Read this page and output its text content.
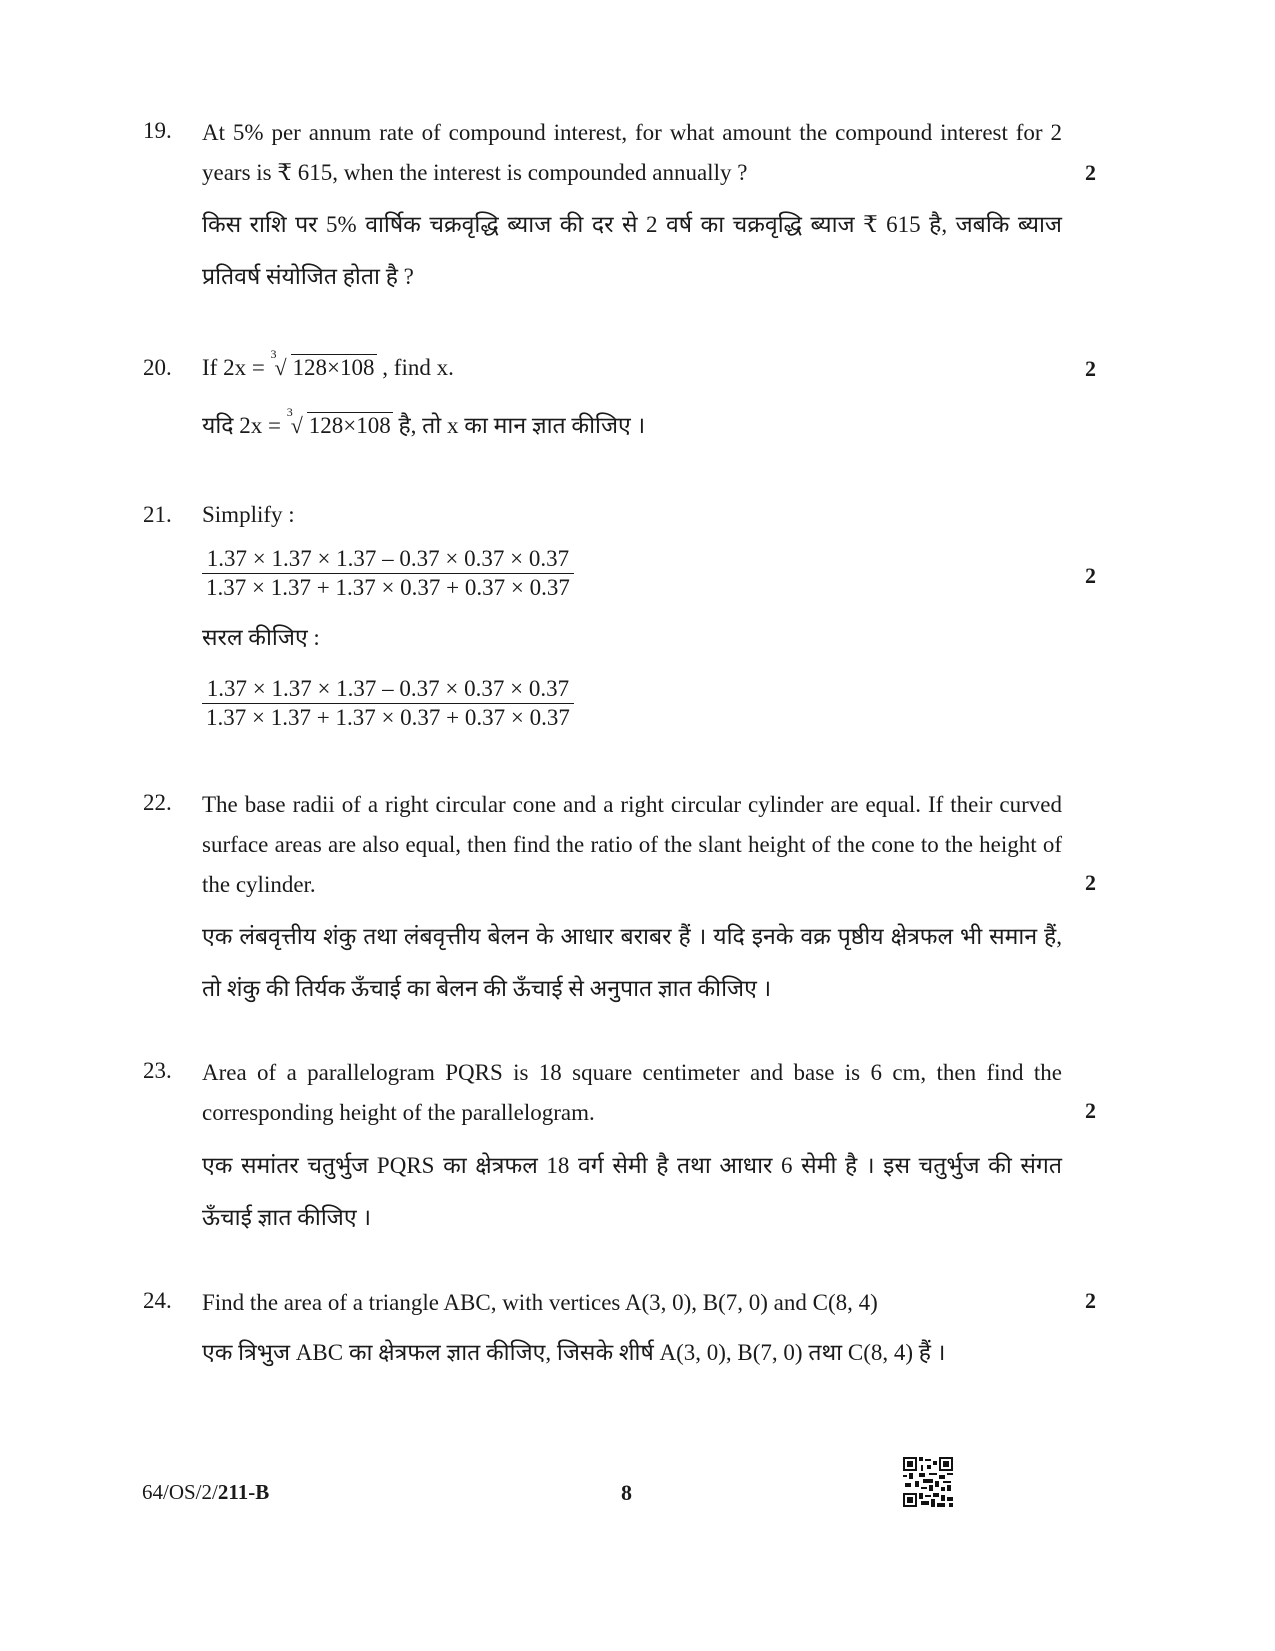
19. At 5% per annum rate of compound interest, for what amount the compound interest for 2 years is ₹ 615, when the interest is compounded annually ?	2
किस राशि पर 5% वार्षिक चक्रवृद्धि ब्याज की दर से 2 वर्ष का चक्रवृद्धि ब्याज ₹ 615 है, जबकि ब्याज प्रतिवर्ष संयोजित होता है ?
20. If 2x =
3
√ 128×108 , find x.	2
यदि 2x =
3
√ 128×108 है, तो x का मान ज्ञात कीजिए ।
21. Simplify :
$\frac{1.37 \times 1.37 \times 1.37 - 0.37 \times 0.37 \times 0.37}{1.37 \times 1.37 + 1.37 \times 0.37 + 0.37 \times 0.37}$	2
सरल कीजिए :
$\frac{1.37 \times 1.37 \times 1.37 - 0.37 \times 0.37 \times 0.37}{1.37 \times 1.37 + 1.37 \times 0.37 + 0.37 \times 0.37}$
22. The base radii of a right circular cone and a right circular cylinder are equal. If their curved surface areas are also equal, then find the ratio of the slant height of the cone to the height of the cylinder.	2
एक लंबवृत्तीय शंकु तथा लंबवृत्तीय बेलन के आधार बराबर हैं । यदि इनके वक्र पृष्ठीय क्षेत्रफल भी समान हैं, तो शंकु की तिर्यक ऊँचाई का बेलन की ऊँचाई से अनुपात ज्ञात कीजिए ।
23. Area of a parallelogram PQRS is 18 square centimeter and base is 6 cm, then find the corresponding height of the parallelogram.	2
एक समांतर चतुर्भुज PQRS का क्षेत्रफल 18 वर्ग सेमी है तथा आधार 6 सेमी है । इस चतुर्भुज की संगत ऊँचाई ज्ञात कीजिए ।
24. Find the area of a triangle ABC, with vertices A(3, 0), B(7, 0) and C(8, 4)	2
एक त्रिभुज ABC का क्षेत्रफल ज्ञात कीजिए, जिसके शीर्ष A(3, 0), B(7, 0) तथा C(8, 4) हैं ।
64/OS/2/211-B	8
